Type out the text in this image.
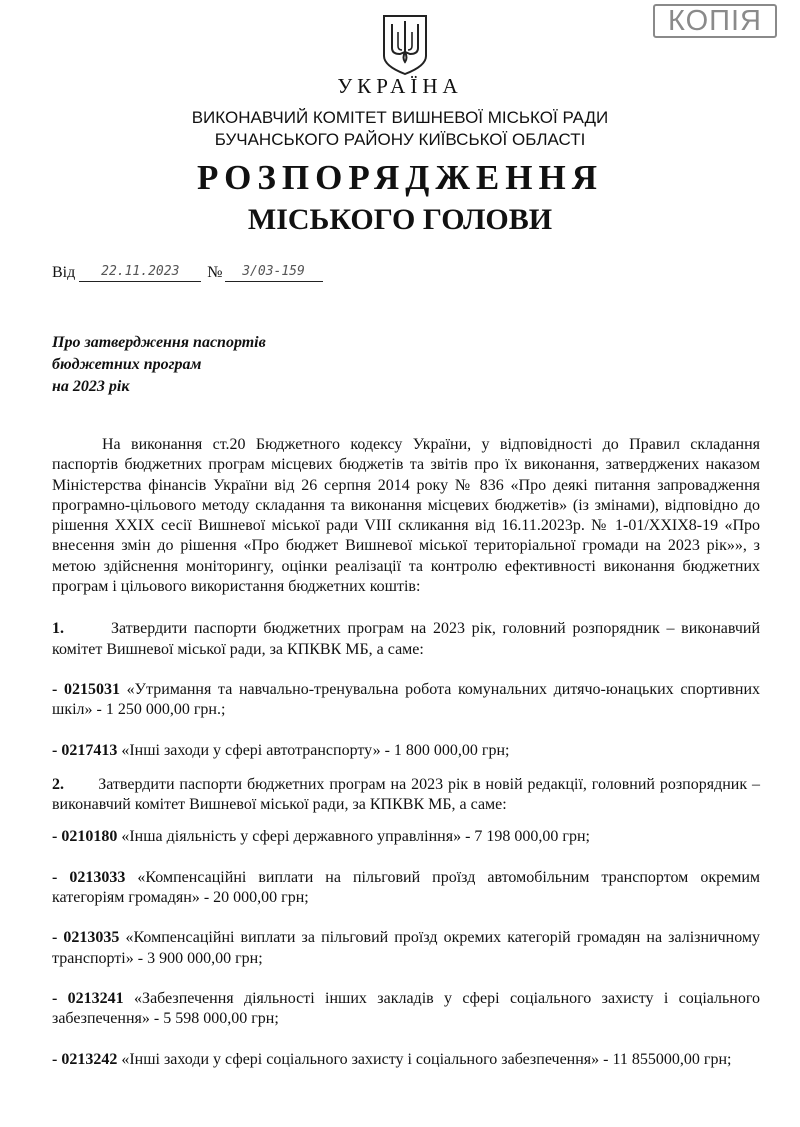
КОПІЯ
УКРАЇНА
ВИКОНАВЧИЙ КОМІТЕТ ВИШНЕВОЇ МІСЬКОЇ РАДИ
БУЧАНСЬКОГО РАЙОНУ КИЇВСЬКОЇ ОБЛАСТІ
РОЗПОРЯДЖЕННЯ
МІСЬКОГО ГОЛОВИ
Від	22.11.2023	№	3/03-159
Про затвердження паспортів
бюджетних програм
на 2023 рік

На виконання ст.20 Бюджетного кодексу України, у відповідності до Правил складання паспортів бюджетних програм місцевих бюджетів та звітів про їх виконання, затверджених наказом Міністерства фінансів України від 26 серпня 2014 року № 836 «Про деякі питання запровадження програмно-цільового методу складання та виконання місцевих бюджетів» (із змінами), відповідно до рішення XXIX сесії Вишневої міської ради VIII скликання від 16.11.2023р. № 1-01/XXIX8-19 «Про внесення змін до рішення «Про бюджет Вишневої міської територіальної громади на 2023 рік»», з метою здійснення моніторингу, оцінки реалізації та контролю ефективності виконання бюджетних програм і цільового використання бюджетних коштів:

1.	Затвердити паспорти бюджетних програм на 2023 рік, головний розпорядник – виконавчий комітет Вишневої міської ради, за КПКВК МБ, а саме:

- 0215031 «Утримання та навчально-тренувальна робота комунальних дитячо-юнацьких спортивних шкіл» - 1 250 000,00 грн.;

- 0217413 «Інші заходи у сфері автотранспорту» - 1 800 000,00 грн;

2. Затвердити паспорти бюджетних програм на 2023 рік в новій редакції, головний розпорядник – виконавчий комітет Вишневої міської ради, за КПКВК МБ, а саме:

- 0210180 «Інша діяльність у сфері державного управління» - 7 198 000,00 грн;

- 0213033 «Компенсаційні виплати на пільговий проїзд автомобільним транспортом окремим категоріям громадян» - 20 000,00 грн;

- 0213035 «Компенсаційні виплати за пільговий проїзд окремих категорій громадян на залізничному транспорті» - 3 900 000,00 грн;

- 0213241 «Забезпечення діяльності інших закладів у сфері соціального захисту і соціального забезпечення» - 5 598 000,00 грн;

- 0213242 «Інші заходи у сфері соціального захисту і соціального забезпечення» - 11 855000,00 грн;
